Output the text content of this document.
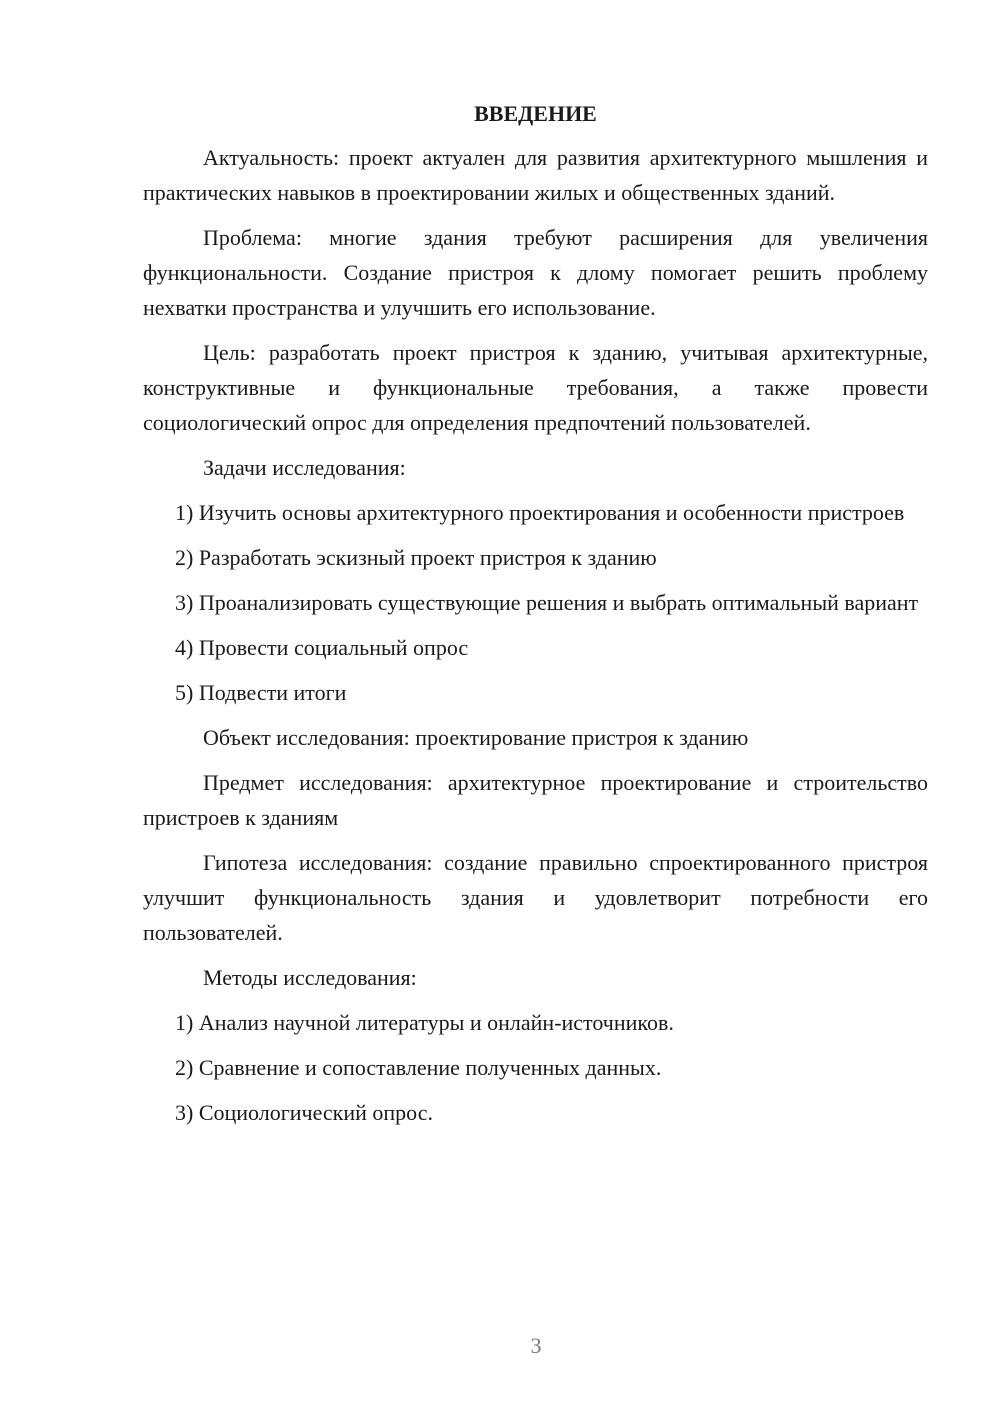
ВВЕДЕНИЕ
Актуальность: проект актуален для развития архитектурного мышления и практических навыков в проектировании жилых и общественных зданий.
Проблема: многие здания требуют расширения для увеличения функциональности. Создание пристроя к длому помогает решить проблему нехватки пространства и улучшить его использование.
Цель: разработать проект пристроя к зданию, учитывая архитектурные, конструктивные и функциональные требования, а также провести социологический опрос для определения предпочтений пользователей.
Задачи исследования:
1) Изучить основы архитектурного проектирования и особенности пристроев
2) Разработать эскизный проект пристроя к зданию
3) Проанализировать существующие решения и выбрать оптимальный вариант
4) Провести социальный опрос
5) Подвести итоги
Объект исследования: проектирование пристроя к зданию
Предмет исследования: архитектурное проектирование и строительство пристроев к зданиям
Гипотеза исследования: создание правильно спроектированного пристроя улучшит функциональность здания и удовлетворит потребности его пользователей.
Методы исследования:
1) Анализ научной литературы и онлайн-источников.
2) Сравнение и сопоставление полученных данных.
3) Социологический опрос.
3
